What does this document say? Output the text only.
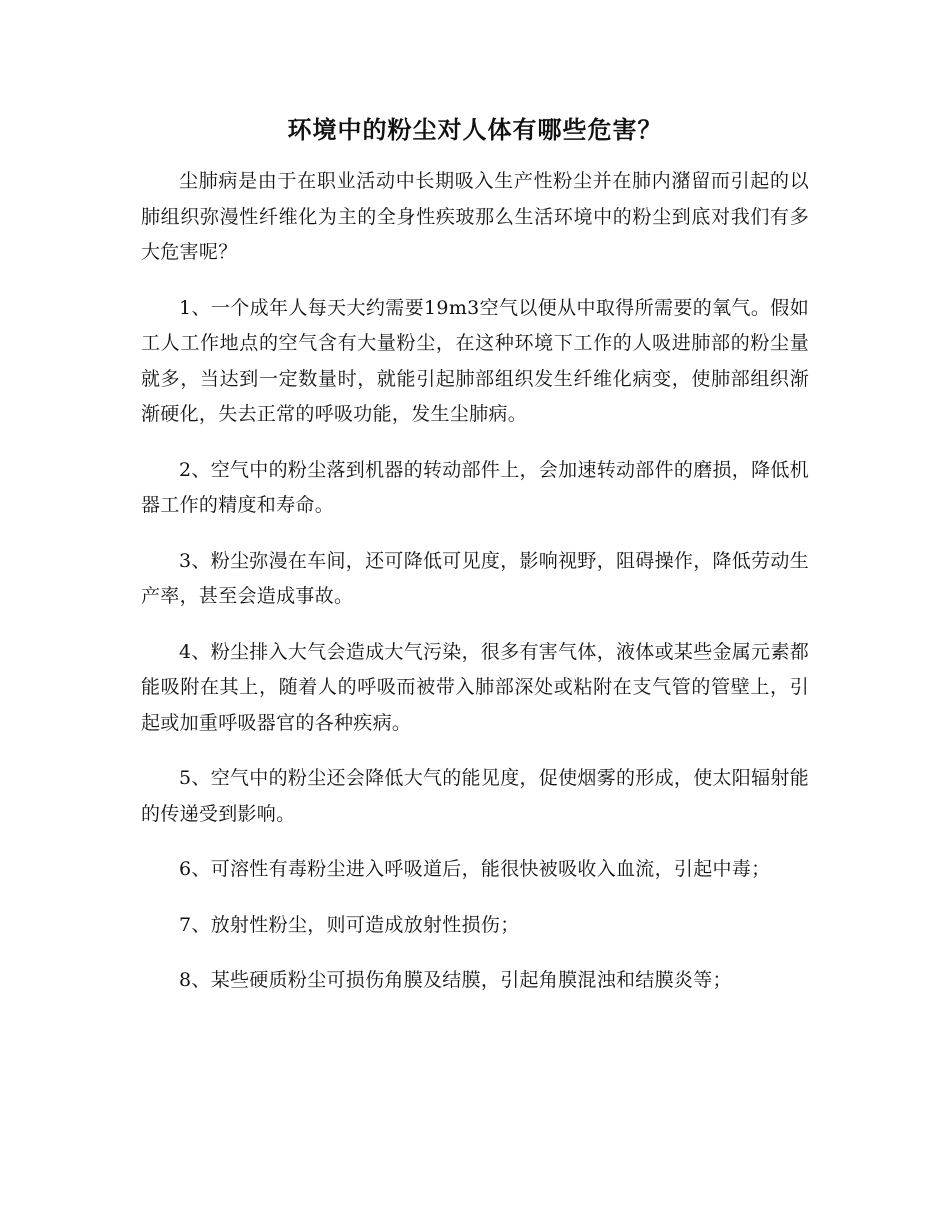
环境中的粉尘对人体有哪些危害？

尘肺病是由于在职业活动中长期吸入生产性粉尘并在肺内潴留而引起的以肺组织弥漫性纤维化为主的全身性疾玻那么生活环境中的粉尘到底对我们有多大危害呢？

1、一个成年人每天大约需要19m3空气以便从中取得所需要的氧气。假如工人工作地点的空气含有大量粉尘，在这种环境下工作的人吸进肺部的粉尘量就多，当达到一定数量时，就能引起肺部组织发生纤维化病变，使肺部组织渐渐硬化，失去正常的呼吸功能，发生尘肺病。

2、空气中的粉尘落到机器的转动部件上，会加速转动部件的磨损，降低机器工作的精度和寿命。

3、粉尘弥漫在车间，还可降低可见度，影响视野，阻碍操作，降低劳动生产率，甚至会造成事故。

4、粉尘排入大气会造成大气污染，很多有害气体，液体或某些金属元素都能吸附在其上，随着人的呼吸而被带入肺部深处或粘附在支气管的管壁上，引起或加重呼吸器官的各种疾病。

5、空气中的粉尘还会降低大气的能见度，促使烟雾的形成，使太阳辐射能的传递受到影响。

6、可溶性有毒粉尘进入呼吸道后，能很快被吸收入血流，引起中毒；

7、放射性粉尘，则可造成放射性损伤；

8、某些硬质粉尘可损伤角膜及结膜，引起角膜混浊和结膜炎等；
